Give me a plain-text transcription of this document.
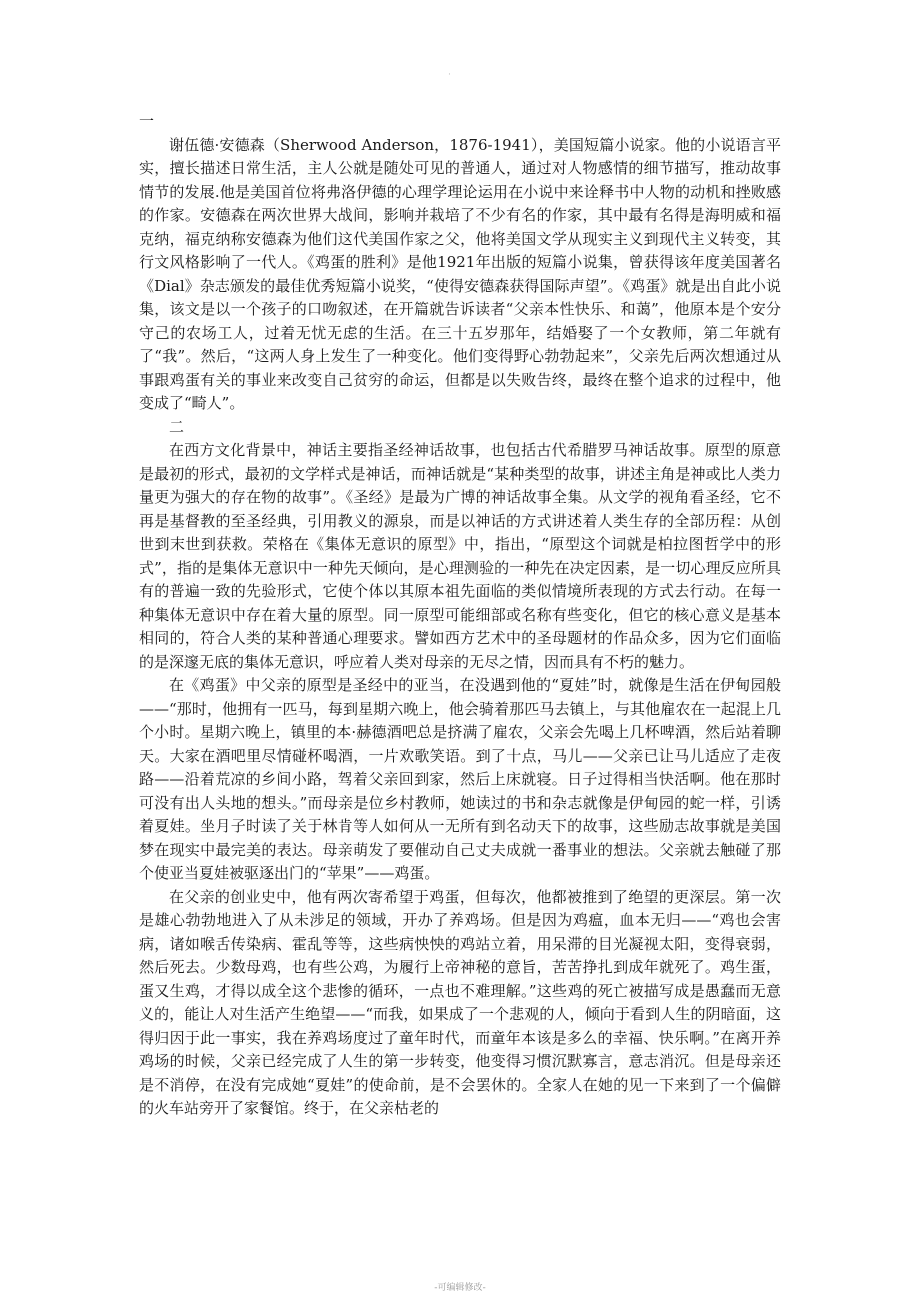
·

一

谢伍德·安德森（Sherwood Anderson，1876-1941），美国短篇小说家。他的小说语言平实，擅长描述日常生活，主人公就是随处可见的普通人，通过对人物感情的细节描写，推动故事情节的发展.他是美国首位将弗洛伊德的心理学理论运用在小说中来诠释书中人物的动机和挫败感的作家。安德森在两次世界大战间，影响并栽培了不少有名的作家，其中最有名得是海明威和福克纳，福克纳称安德森为他们这代美国作家之父，他将美国文学从现实主义到现代主义转变，其行文风格影响了一代人。《鸡蛋的胜利》是他1921年出版的短篇小说集，曾获得该年度美国著名《Dial》杂志颁发的最佳优秀短篇小说奖，“使得安德森获得国际声望”。《鸡蛋》就是出自此小说集，该文是以一个孩子的口吻叙述，在开篇就告诉读者“父亲本性快乐、和蔼”，他原本是个安分守己的农场工人，过着无忧无虑的生活。在三十五岁那年，结婚娶了一个女教师，第二年就有了“我”。然后，“这两人身上发生了一种变化。他们变得野心勃勃起来”，父亲先后两次想通过从事跟鸡蛋有关的事业来改变自己贫穷的命运，但都是以失败告终，最终在整个追求的过程中，他变成了“畸人”。

二

在西方文化背景中，神话主要指圣经神话故事，也包括古代希腊罗马神话故事。原型的原意是最初的形式，最初的文学样式是神话，而神话就是“某种类型的故事，讲述主角是神或比人类力量更为强大的存在物的故事”。《圣经》是最为广博的神话故事全集。从文学的视角看圣经，它不再是基督教的至圣经典，引用教义的源泉，而是以神话的方式讲述着人类生存的全部历程：从创世到末世到获救。荣格在《集体无意识的原型》中，指出，“原型这个词就是柏拉图哲学中的形式”，指的是集体无意识中一种先天倾向，是心理测验的一种先在决定因素，是一切心理反应所具有的普遍一致的先验形式，它使个体以其原本祖先面临的类似情境所表现的方式去行动。在每一种集体无意识中存在着大量的原型。同一原型可能细部或名称有些变化，但它的核心意义是基本相同的，符合人类的某种普通心理要求。譬如西方艺术中的圣母题材的作品众多，因为它们面临的是深邃无底的集体无意识，呼应着人类对母亲的无尽之情，因而具有不朽的魅力。

在《鸡蛋》中父亲的原型是圣经中的亚当，在没遇到他的“夏娃”时，就像是生活在伊甸园般——“那时，他拥有一匹马，每到星期六晚上，他会骑着那匹马去镇上，与其他雇农在一起混上几个小时。星期六晚上，镇里的本·赫德酒吧总是挤满了雇农，父亲会先喝上几杯啤酒，然后站着聊天。大家在酒吧里尽情碰杯喝酒，一片欢歌笑语。到了十点，马儿——父亲已让马儿适应了走夜路——沿着荒凉的乡间小路，驾着父亲回到家，然后上床就寝。日子过得相当快活啊。他在那时可没有出人头地的想头。”而母亲是位乡村教师，她读过的书和杂志就像是伊甸园的蛇一样，引诱着夏娃。坐月子时读了关于林肯等人如何从一无所有到名动天下的故事，这些励志故事就是美国梦在现实中最完美的表达。母亲萌发了要催动自己丈夫成就一番事业的想法。父亲就去触碰了那个使亚当夏娃被驱逐出门的“苹果”——鸡蛋。

在父亲的创业史中，他有两次寄希望于鸡蛋，但每次，他都被推到了绝望的更深层。第一次是雄心勃勃地进入了从未涉足的领域，开办了养鸡场。但是因为鸡瘟，血本无归——“鸡也会害病，诸如喉舌传染病、霍乱等等，这些病怏怏的鸡站立着，用呆滞的目光凝视太阳，变得衰弱，然后死去。少数母鸡，也有些公鸡，为履行上帝神秘的意旨，苦苦挣扎到成年就死了。鸡生蛋，蛋又生鸡，才得以成全这个悲惨的循环，一点也不难理解。”这些鸡的死亡被描写成是愚蠢而无意义的，能让人对生活产生绝望——“而我，如果成了一个悲观的人，倾向于看到人生的阴暗面，这得归因于此一事实，我在养鸡场度过了童年时代，而童年本该是多么的幸福、快乐啊。”在离开养鸡场的时候，父亲已经完成了人生的第一步转变，他变得习惯沉默寡言，意志消沉。但是母亲还是不消停，在没有完成她“夏娃”的使命前，是不会罢休的。全家人在她的见一下来到了一个偏僻的火车站旁开了家餐馆。终于，在父亲枯老的

-可编辑修改-
